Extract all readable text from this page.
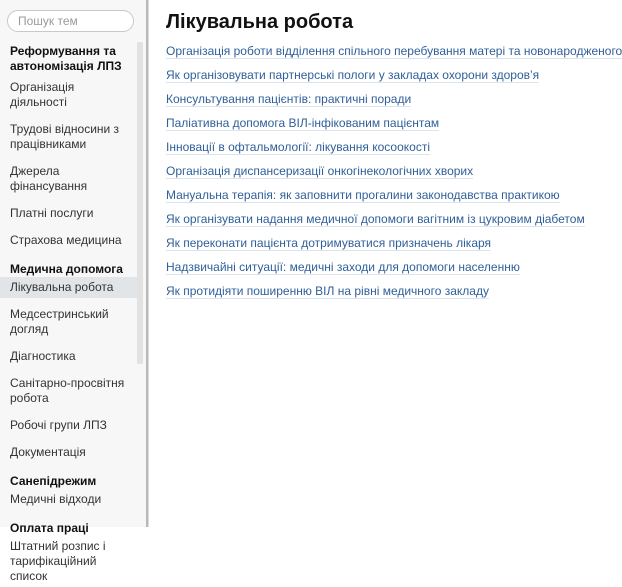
Пошук тем
Реформування та автономізація ЛПЗ
Організація діяльності
Трудові відносини з працівниками
Джерела фінансування
Платні послуги
Страхова медицина
Медична допомога
Лікувальна робота
Медсестринський догляд
Діагностика
Санітарно-просвітня робота
Робочі групи ЛПЗ
Документація
Санепідрежим
Медичні відходи
Оплата праці
Штатний розпис і тарифікаційний список
Лікувальна робота
Організація роботи відділення спільного перебування матері та новонародженого
Як організовувати партнерські пологи у закладах охорони здоров’я
Консультування пацієнтів: практичні поради
Паліативна допомога ВІЛ-інфікованим пацієнтам
Інновації в офтальмології: лікування косоокості
Організація диспансеризації онкогінекологічних хворих
Мануальна терапія: як заповнити прогалини законодавства практикою
Як організувати надання медичної допомоги вагітним із цукровим діабетом
Як переконати пацієнта дотримуватися призначень лікаря
Надзвичайні ситуації: медичні заходи для допомоги населенню
Як протидіяти поширенню ВІЛ на рівні медичного закладу
